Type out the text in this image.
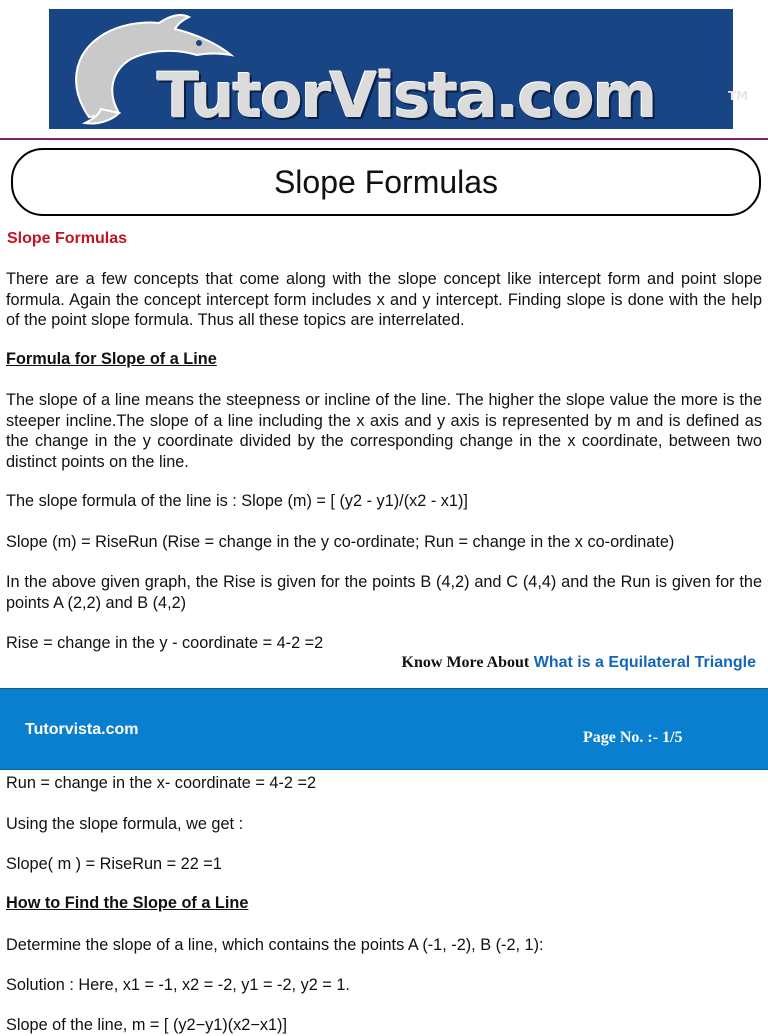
TutorVista.com	TM
Slope Formulas
Slope Formulas
There are a few concepts that come along with the slope concept like intercept form and point slope formula. Again the concept intercept form includes x and y intercept. Finding slope is done with the help of the point slope formula. Thus all these topics are interrelated.
Formula for Slope of a Line
The slope of a line means the steepness or incline of the line. The higher the slope value the more is the steeper incline.The slope of a line including the x axis and y axis is represented by m and is defined as the change in the y coordinate divided by the corresponding change in the x coordinate, between two distinct points on the line.
The slope formula of the line is : Slope (m) = [ (y2 - y1)/(x2 - x1)]
Slope (m) = RiseRun (Rise = change in the y co-ordinate; Run = change in the x co-ordinate)
In the above given graph, the Rise is given for the points B (4,2) and C (4,4) and the Run is given for the points A (2,2) and B (4,2)
Rise = change in the y - coordinate = 4-2 =2
Know More About What is a Equilateral Triangle
Tutorvista.com	Page No. :- 1/5
Run = change in the x- coordinate = 4-2 =2
Using the slope formula, we get :
Slope( m ) = RiseRun = 22 =1
How to Find the Slope of a Line
Determine the slope of a line, which contains the points A (-1, -2), B (-2, 1):
Solution : Here, x1 = -1, x2 = -2, y1 = -2, y2 = 1.
Slope of the line, m = [ (y2−y1)(x2−x1)]
